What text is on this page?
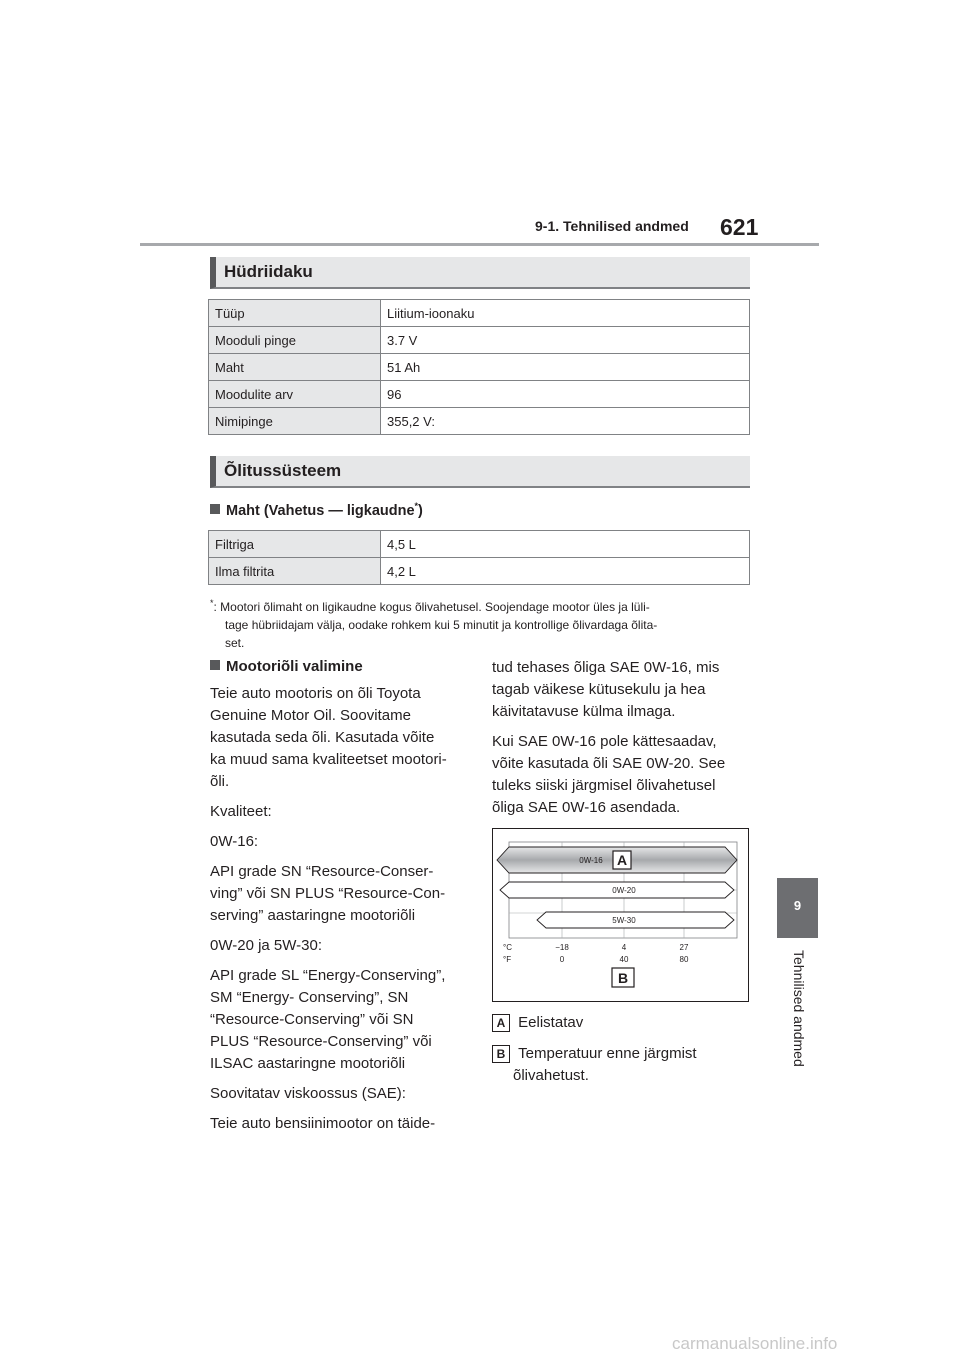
9-1. Tehnilised andmed 621
9
Tehnilised andmed
Hüdriidaku
Tüüp	Liitium-ioonaku
Mooduli pinge	3.7 V
Maht	51 Ah
Moodulite arv	96
Nimipinge	355,2 V:
Õlitussüsteem
Maht (Vahetus — ligkaudne*)
Filtriga	4,5 L
Ilma filtrita	4,2 L
*: Mootori õlimaht on ligikaudne kogus õlivahetusel. Soojendage mootor üles ja lüli-
tage hübriidajam välja, oodake rohkem kui 5 minutit ja kontrollige õlivardaga õlita-
set.
Mootoriõli valimine

Teie auto mootoris on õli Toyota
Genuine Motor Oil. Soovitame
kasutada seda õli. Kasutada võite
ka muud sama kvaliteetset mootori-
õli.

Kvaliteet:

0W-16:

API grade SN “Resource-Conser-
ving” või SN PLUS “Resource-Con-
serving” aastaringne mootoriõli

0W-20 ja 5W-30:

API grade SL “Energy-Conserving”,
SM “Energy- Conserving”, SN
“Resource-Conserving” või SN
PLUS “Resource-Conserving” või
ILSAC aastaringne mootoriõli

Soovitatav viskoossus (SAE):

Teie auto bensiinimootor on täide-

tud tehases õliga SAE 0W-16, mis
tagab väikese kütusekulu ja hea
käivitatavuse külma ilmaga.

Kui SAE 0W-16 pole kättesaadav,
võite kasutada õli SAE 0W-20. See
tuleks siiski järgmisel õlivahetusel
õliga SAE 0W-16 asendada.

0W-16
0W-20
5W-30
A
°C
°F
−18	4	27
0	40	80
B
A Eelistatav
B Temperatuur enne järgmist
õlivahetust.
carmanualsonline.info
